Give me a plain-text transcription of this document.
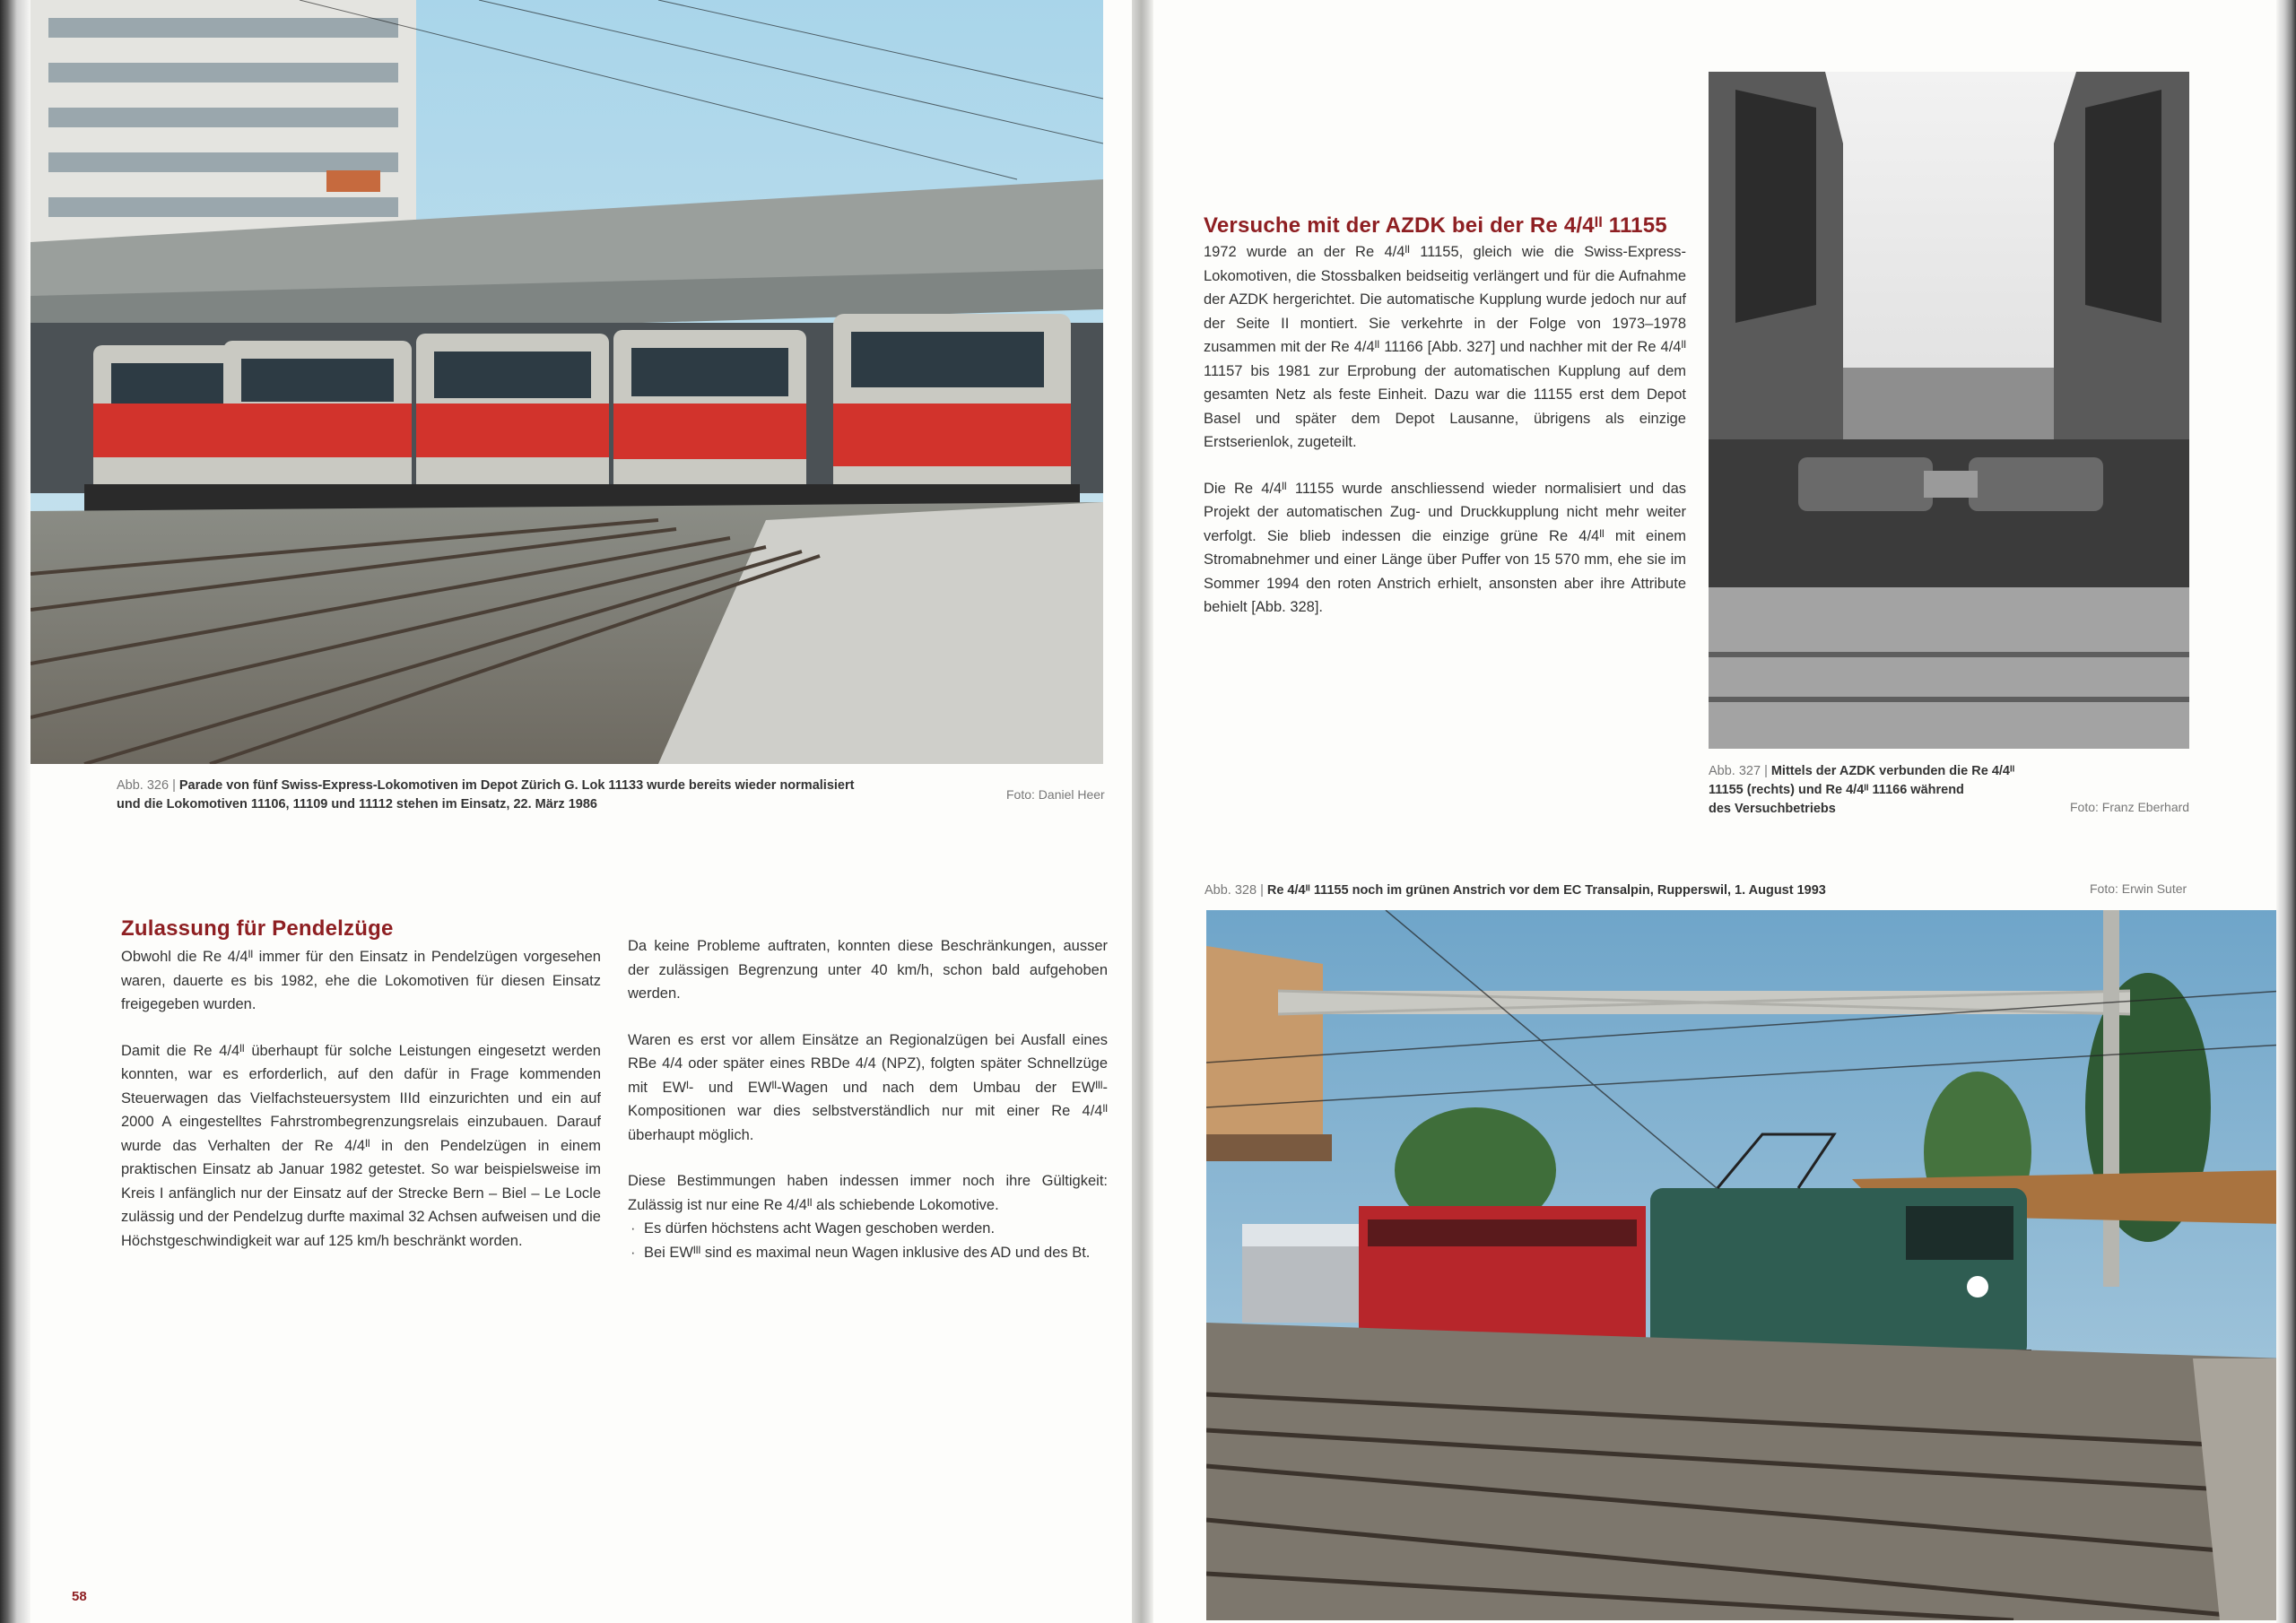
Abb. 326 | Parade von fünf Swiss-Express-Lokomotiven im Depot Zürich G. Lok 11133 wurde bereits wieder normalisiert
und die Lokomotiven 11106, 11109 und 11112 stehen im Einsatz, 22. März 1986
Foto: Daniel Heer
Zulassung für Pendelzüge

Obwohl die Re 4/4ᴵᴵ immer für den Einsatz in Pendelzügen vorgesehen waren, dauerte es bis 1982, ehe die Lokomotiven für diesen Einsatz freigegeben wurden.

Damit die Re 4/4ᴵᴵ überhaupt für solche Leistungen eingesetzt werden konnten, war es erforderlich, auf den dafür in Frage kommenden Steuerwagen das Vielfachsteuersystem IIId einzurichten und ein auf 2000 A eingestelltes Fahrstrombegrenzungsrelais einzubauen. Darauf wurde das Verhalten der Re 4/4ᴵᴵ in den Pendelzügen in einem praktischen Einsatz ab Januar 1982 getestet. So war beispielsweise im Kreis I anfänglich nur der Einsatz auf der Strecke Bern – Biel – Le Locle zulässig und der Pendelzug durfte maximal 32 Achsen aufweisen und die Höchstgeschwindigkeit war auf 125 km/h beschränkt worden.

Da keine Probleme auftraten, konnten diese Beschränkungen, ausser der zulässigen Begrenzung unter 40 km/h, schon bald aufgehoben werden.

Waren es erst vor allem Einsätze an Regionalzügen bei Ausfall eines RBe 4/4 oder später eines RBDe 4/4 (NPZ), folgten später Schnellzüge mit EWᴵ- und EWᴵᴵ-Wagen und nach dem Umbau der EWᴵᴵᴵ-Kompositionen war dies selbstverständlich nur mit einer Re 4/4ᴵᴵ überhaupt möglich.

Diese Bestimmungen haben indessen immer noch ihre Gültigkeit: Zulässig ist nur eine Re 4/4ᴵᴵ als schiebende Lokomotive.

· Es dürfen höchstens acht Wagen geschoben werden.
· Bei EWᴵᴵᴵ sind es maximal neun Wagen inklusive des AD und des Bt.
58
Versuche mit der AZDK bei der Re 4/4ᴵᴵ 11155

1972 wurde an der Re 4/4ᴵᴵ 11155, gleich wie die Swiss-Express-Lokomotiven, die Stossbalken beidseitig verlängert und für die Aufnahme der AZDK hergerichtet. Die automatische Kupplung wurde jedoch nur auf der Seite II montiert. Sie verkehrte in der Folge von 1973–1978 zusammen mit der Re 4/4ᴵᴵ 11166 [Abb. 327] und nachher mit der Re 4/4ᴵᴵ 11157 bis 1981 zur Erprobung der automatischen Kupplung auf dem gesamten Netz als feste Einheit. Dazu war die 11155 erst dem Depot Basel und später dem Depot Lausanne, übrigens als einzige Erstserienlok, zugeteilt.

Die Re 4/4ᴵᴵ 11155 wurde anschliessend wieder normalisiert und das Projekt der automatischen Zug- und Druckkupplung nicht mehr weiter verfolgt. Sie blieb indessen die einzige grüne Re 4/4ᴵᴵ mit einem Stromabnehmer und einer Länge über Puffer von 15 570 mm, ehe sie im Sommer 1994 den roten Anstrich erhielt, ansonsten aber ihre Attribute behielt [Abb. 328].

Abb. 327 | Mittels der AZDK verbunden die Re 4/4ᴵᴵ
11155 (rechts) und Re 4/4ᴵᴵ 11166 während
des Versuchbetriebs	Foto: Franz Eberhard
Abb. 328 | Re 4/4ᴵᴵ 11155 noch im grünen Anstrich vor dem EC Transalpin, Rupperswil, 1. August 1993	Foto: Erwin Suter
